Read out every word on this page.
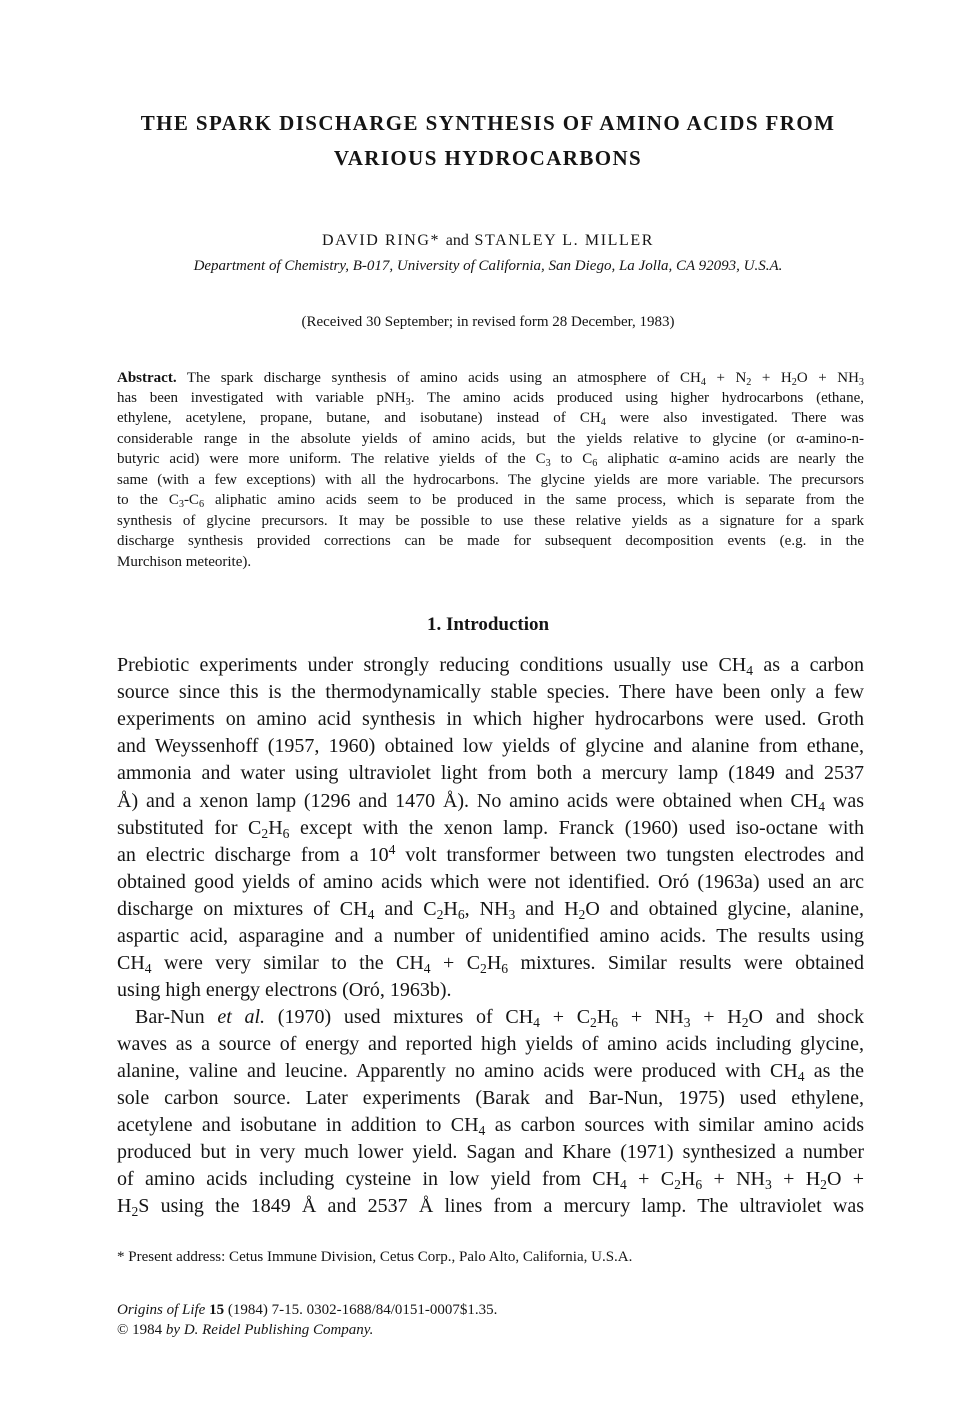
THE SPARK DISCHARGE SYNTHESIS OF AMINO ACIDS FROM
VARIOUS HYDROCARBONS
DAVID RING* and STANLEY L. MILLER
Department of Chemistry, B-017, University of California, San Diego, La Jolla, CA 92093, U.S.A.
(Received 30 September; in revised form 28 December, 1983)
Abstract. The spark discharge synthesis of amino acids using an atmosphere of $CH_4 + N_2 + H_2O + NH_3$
has been investigated with variable pNH$_3$. The amino acids produced using higher hydrocarbons (ethane,
ethylene, acetylene, propane, butane, and isobutane) instead of $CH_4$ were also investigated. There was
considerable range in the absolute yields of amino acids, but the yields relative to glycine (or α-amino-n-
butyric acid) were more uniform. The relative yields of the $C_3$ to $C_6$ aliphatic α-amino acids are nearly the
same (with a few exceptions) with all the hydrocarbons. The glycine yields are more variable. The precursors
to the $C_3-C_6$ aliphatic amino acids seem to be produced in the same process, which is separate from the
synthesis of glycine precursors. It may be possible to use these relative yields as a signature for a spark
discharge synthesis provided corrections can be made for subsequent decomposition events (e.g. in the
Murchison meteorite).
1. Introduction
Prebiotic experiments under strongly reducing conditions usually use $CH_4$ as a carbon
source since this is the thermodynamically stable species. There have been only a few
experiments on amino acid synthesis in which higher hydrocarbons were used. Groth
and Weyssenhoff (1957, 1960) obtained low yields of glycine and alanine from ethane,
ammonia and water using ultraviolet light from both a mercury lamp (1849 and 2537
Å) and a xenon lamp (1296 and 1470 Å). No amino acids were obtained when $CH_4$ was
substituted for $C_2H_6$ except with the xenon lamp. Franck (1960) used iso-octane with
an electric discharge from a $10^4$ volt transformer between two tungsten electrodes and
obtained good yields of amino acids which were not identified. Oró (1963a) used an arc
discharge on mixtures of $CH_4$ and $C_2H_6$, $NH_3$ and $H_2O$ and obtained glycine, alanine,
aspartic acid, asparagine and a number of unidentified amino acids. The results using
$CH_4$ were very similar to the $CH_4 + C_2H_6$ mixtures. Similar results were obtained
using high energy electrons (Oró, 1963b).
Bar-Nun et al. (1970) used mixtures of $CH_4 + C_2H_6 + NH_3 + H_2O$ and shock
waves as a source of energy and reported high yields of amino acids including glycine,
alanine, valine and leucine. Apparently no amino acids were produced with $CH_4$ as the
sole carbon source. Later experiments (Barak and Bar-Nun, 1975) used ethylene,
acetylene and isobutane in addition to $CH_4$ as carbon sources with similar amino acids
produced but in very much lower yield. Sagan and Khare (1971) synthesized a number
of amino acids including cysteine in low yield from $CH_4 + C_2H_6 + NH_3 + H_2O$ +
$H_2S$ using the 1849 Å and 2537 Å lines from a mercury lamp. The ultraviolet was
* Present address: Cetus Immune Division, Cetus Corp., Palo Alto, California, U.S.A.
Origins of Life 15 (1984) 7-15. 0302-1688/84/0151-0007$1.35.
© 1984 by D. Reidel Publishing Company.
